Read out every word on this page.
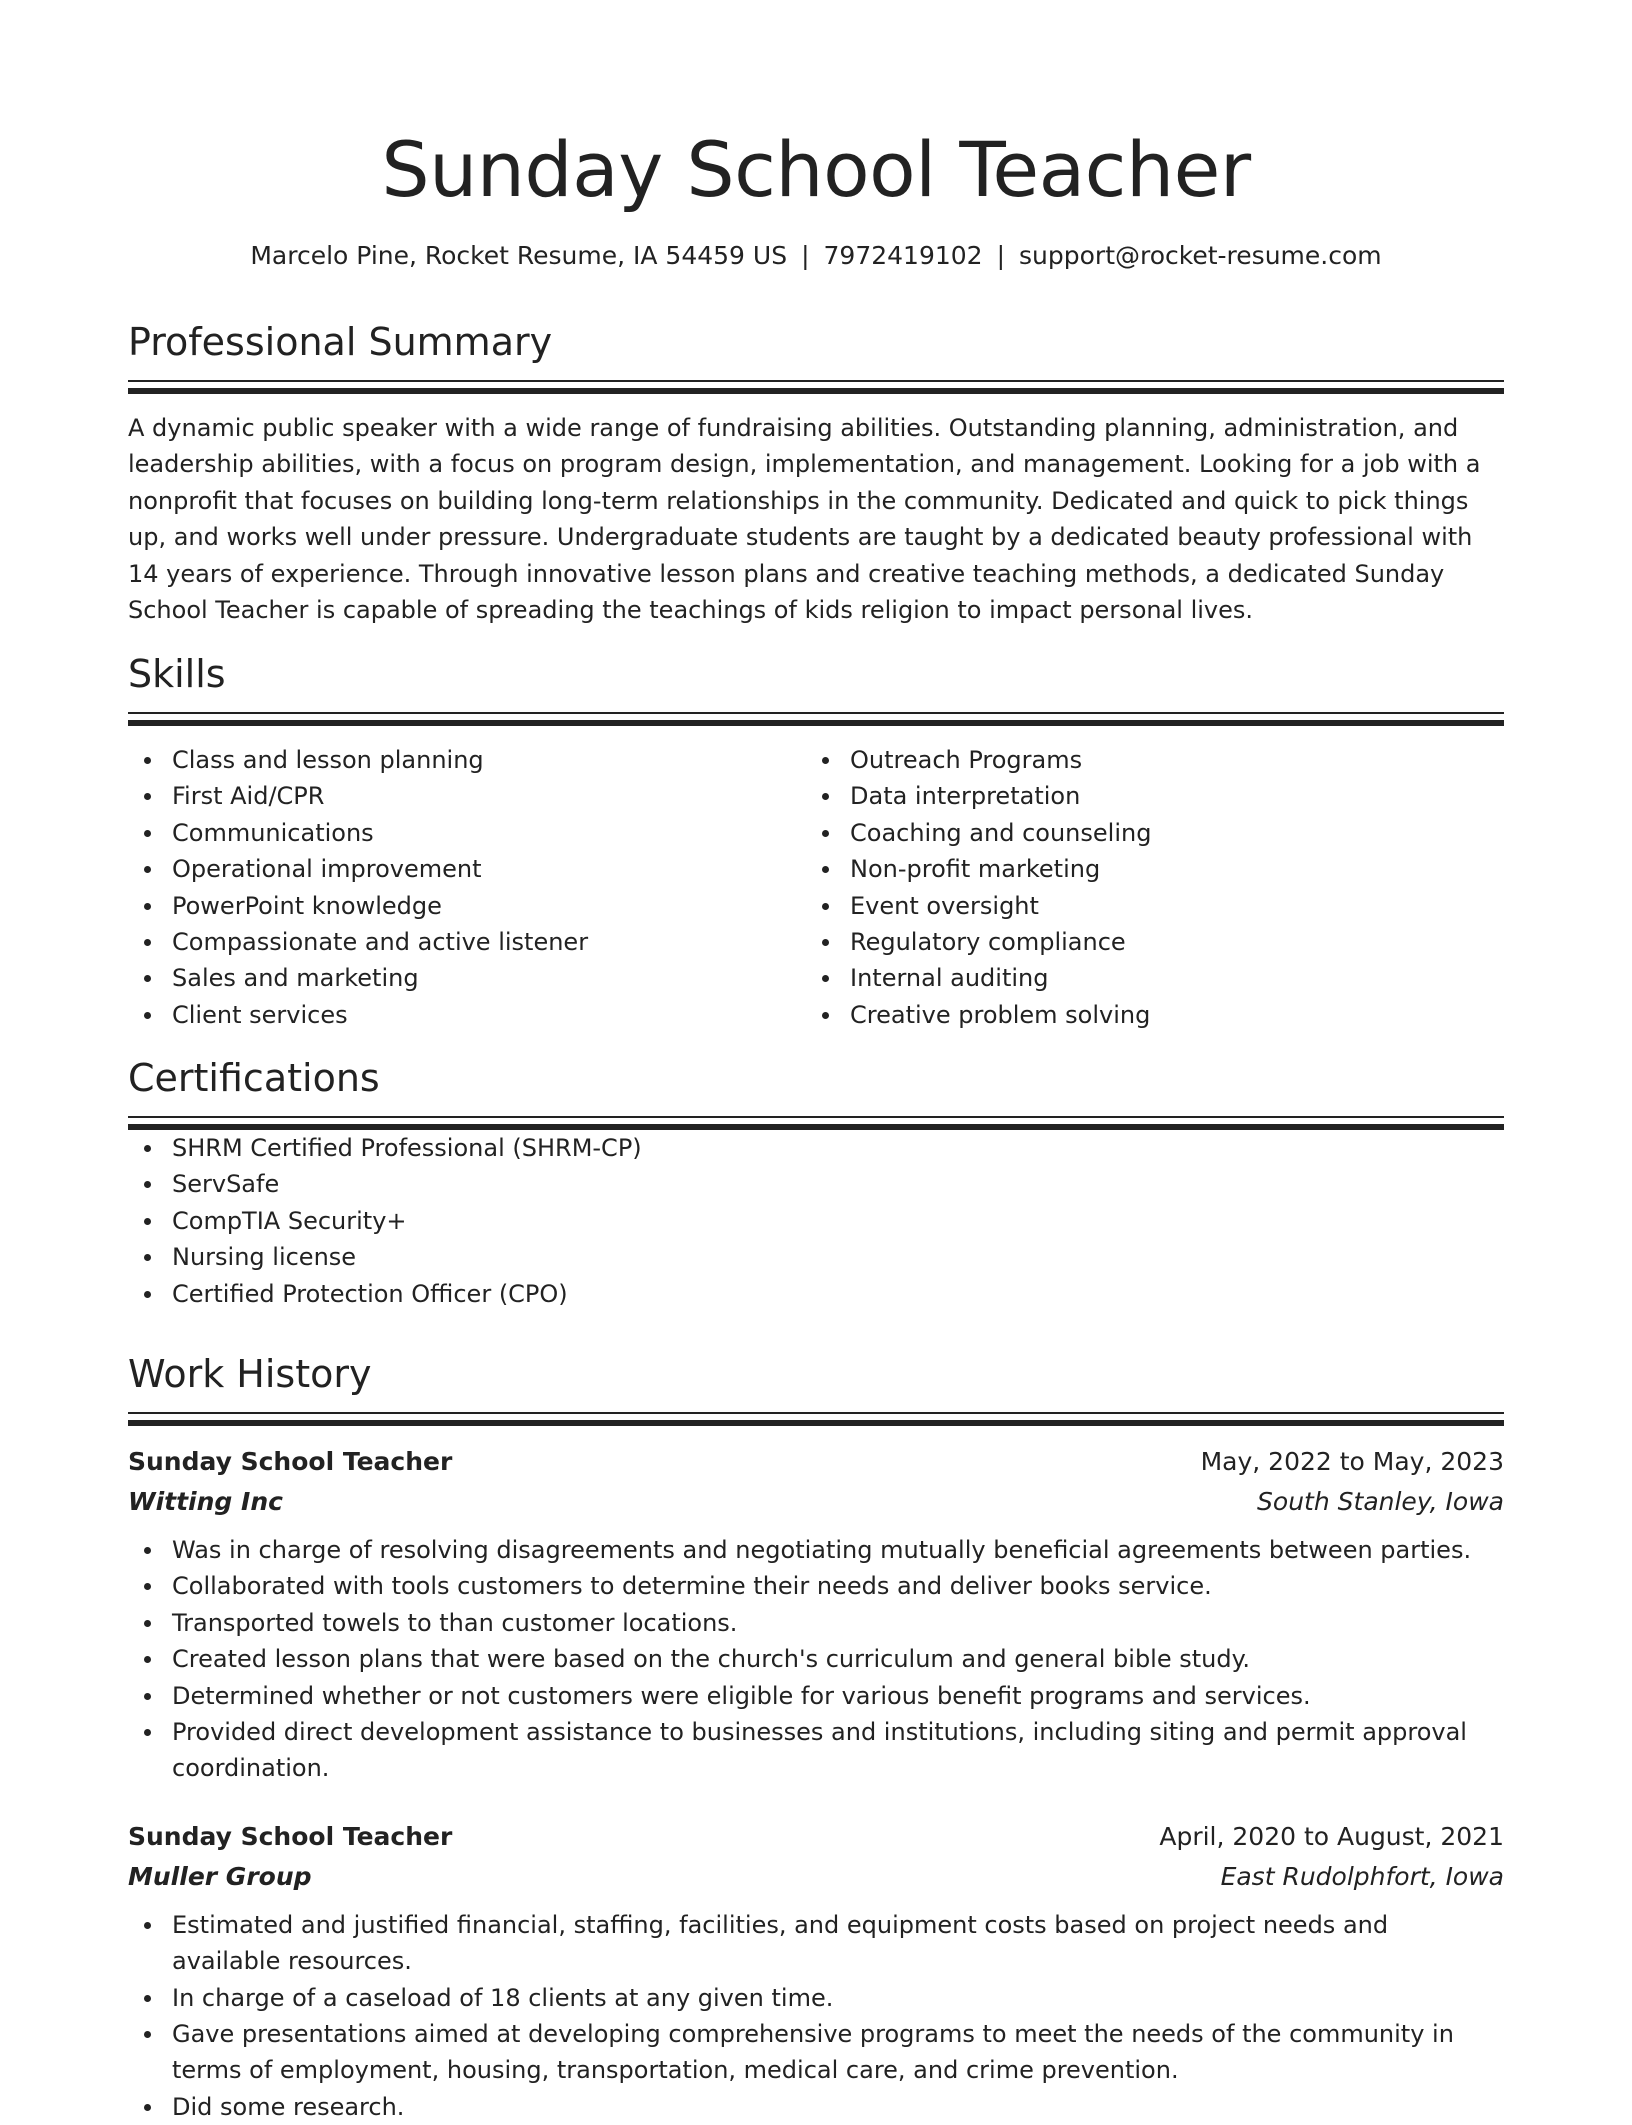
Sunday School Teacher
Marcelo Pine, Rocket Resume, IA 54459 US | 7972419102 | support@rocket-resume.com
Professional Summary
A dynamic public speaker with a wide range of fundraising abilities. Outstanding planning, administration, and leadership abilities, with a focus on program design, implementation, and management. Looking for a job with a nonprofit that focuses on building long-term relationships in the community. Dedicated and quick to pick things up, and works well under pressure. Undergraduate students are taught by a dedicated beauty professional with 14 years of experience. Through innovative lesson plans and creative teaching methods, a dedicated Sunday School Teacher is capable of spreading the teachings of kids religion to impact personal lives.
Skills
Class and lesson planning
First Aid/CPR
Communications
Operational improvement
PowerPoint knowledge
Compassionate and active listener
Sales and marketing
Client services
Outreach Programs
Data interpretation
Coaching and counseling
Non-profit marketing
Event oversight
Regulatory compliance
Internal auditing
Creative problem solving
Certifications
SHRM Certified Professional (SHRM-CP)
ServSafe
CompTIA Security+
Nursing license
Certified Protection Officer (CPO)
Work History
Sunday School Teacher	May, 2022 to May, 2023
Witting Inc	South Stanley, Iowa
Was in charge of resolving disagreements and negotiating mutually beneficial agreements between parties.
Collaborated with tools customers to determine their needs and deliver books service.
Transported towels to than customer locations.
Created lesson plans that were based on the church's curriculum and general bible study.
Determined whether or not customers were eligible for various benefit programs and services.
Provided direct development assistance to businesses and institutions, including siting and permit approval coordination.
Sunday School Teacher	April, 2020 to August, 2021
Muller Group	East Rudolphfort, Iowa
Estimated and justified financial, staffing, facilities, and equipment costs based on project needs and available resources.
In charge of a caseload of 18 clients at any given time.
Gave presentations aimed at developing comprehensive programs to meet the needs of the community in terms of employment, housing, transportation, medical care, and crime prevention.
Did some research.
